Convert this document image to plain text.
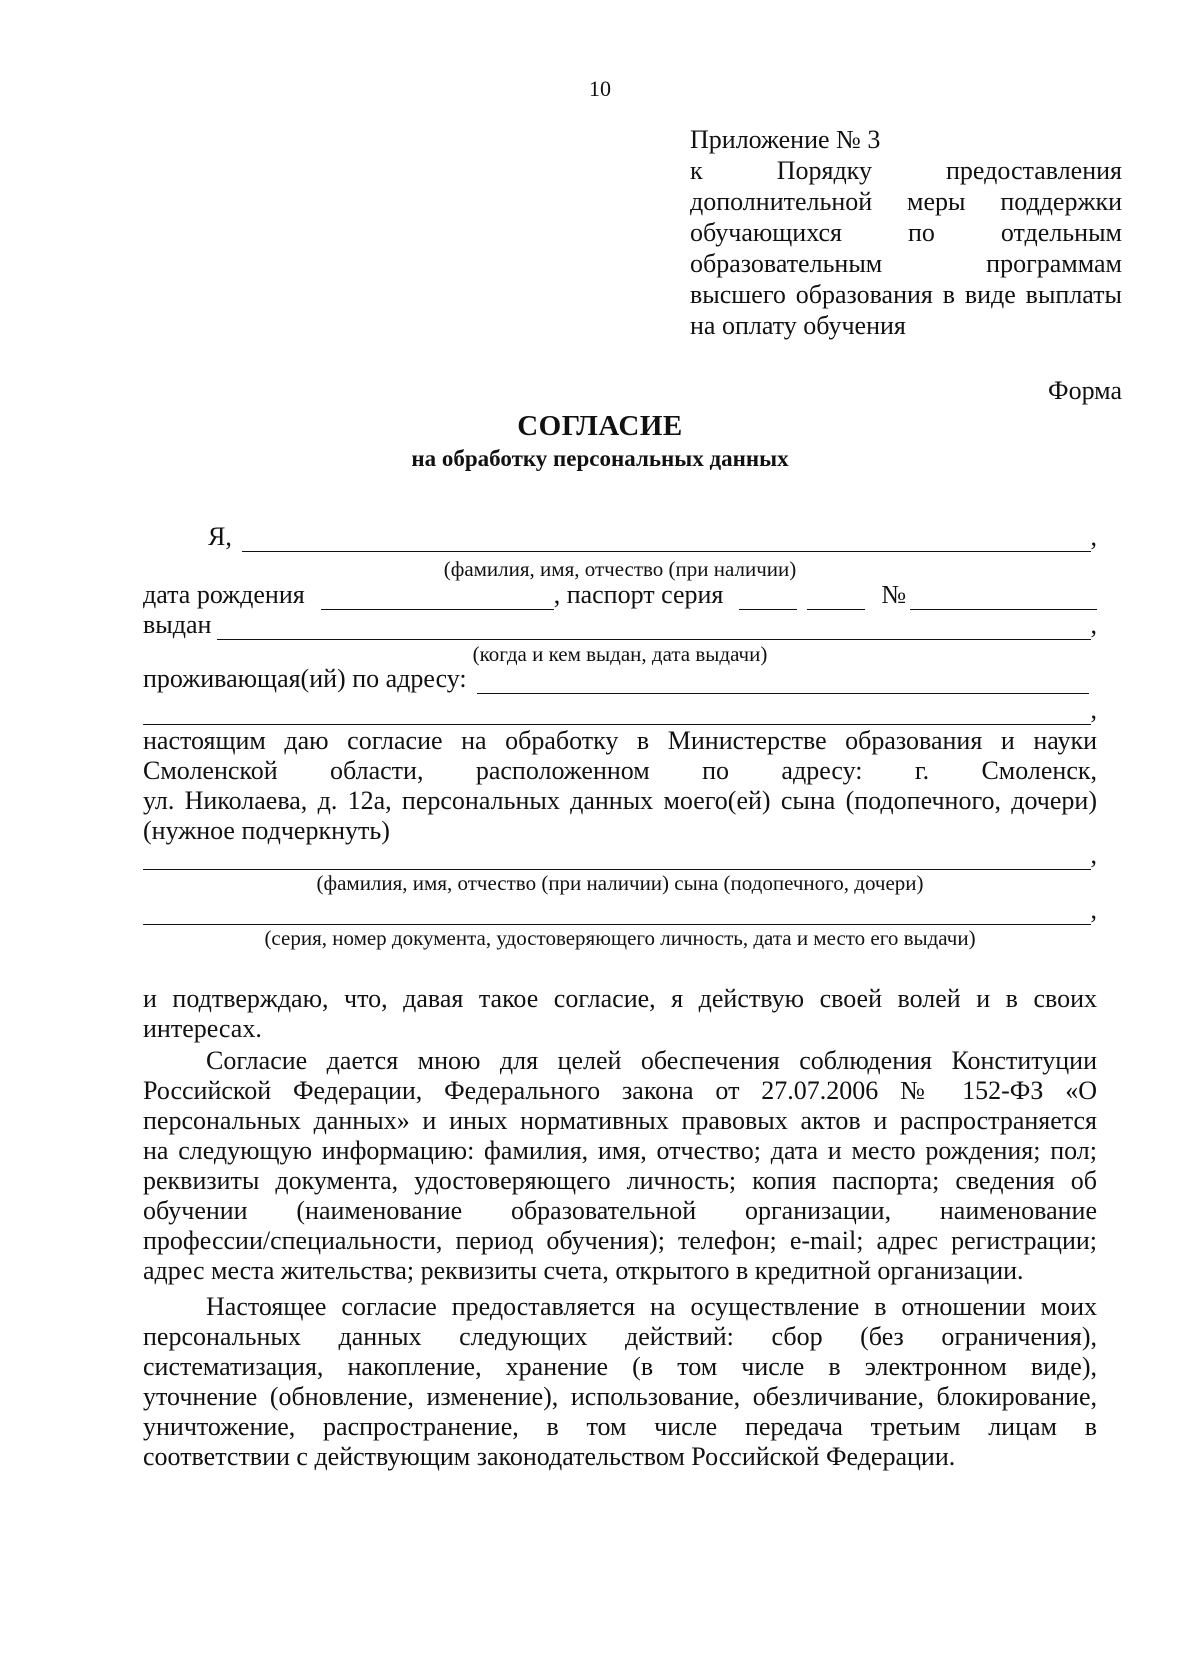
10
Приложение № 3
к Порядку предоставления
дополнительной меры поддержки
обучающихся по отдельным
образовательным программам
высшего образования в виде выплаты
на оплату обучения
Форма
СОГЛАСИЕ
на обработку персональных данных
Я,	,
(фамилия, имя, отчество (при наличии)
дата рождения	, паспорт серия	№
выдан	,
(когда и кем выдан, дата выдачи)
проживающая(ий) по адресу:
,
настоящим даю согласие на обработку в Министерстве образования и науки
Смоленской области, расположенном по адресу: г. Смоленск,
ул. Николаева, д. 12а, персональных данных моего(ей) сына (подопечного, дочери)
(нужное подчеркнуть)
,
(фамилия, имя, отчество (при наличии) сына (подопечного, дочери)
,
(серия, номер документа, удостоверяющего личность, дата и место его выдачи)
и подтверждаю, что, давая такое согласие, я действую своей волей и в своих
интересах.
Согласие дается мною для целей обеспечения соблюдения Конституции
Российской Федерации, Федерального закона от 27.07.2006 № 152-ФЗ «О
персональных данных» и иных нормативных правовых актов и распространяется
на следующую информацию: фамилия, имя, отчество; дата и место рождения; пол;
реквизиты документа, удостоверяющего личность; копия паспорта; сведения об
обучении (наименование образовательной организации, наименование
профессии/специальности, период обучения); телефон; e-mail; адрес регистрации;
адрес места жительства; реквизиты счета, открытого в кредитной организации.
Настоящее согласие предоставляется на осуществление в отношении моих
персональных данных следующих действий: сбор (без ограничения),
систематизация, накопление, хранение (в том числе в электронном виде),
уточнение (обновление, изменение), использование, обезличивание, блокирование,
уничтожение, распространение, в том числе передача третьим лицам в
соответствии с действующим законодательством Российской Федерации.
